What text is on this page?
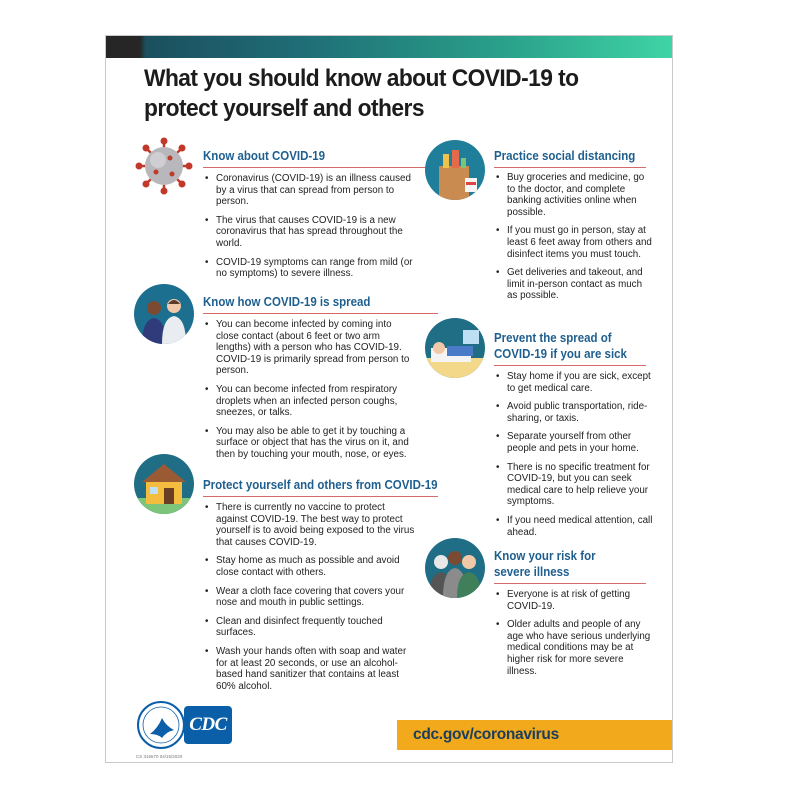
What you should know about COVID-19 to protect yourself and others
Know about COVID-19
• Coronavirus (COVID-19) is an illness caused by a virus that can spread from person to person.
• The virus that causes COVID-19 is a new coronavirus that has spread throughout the world.
• COVID-19 symptoms can range from mild (or no symptoms) to severe illness.
Know how COVID-19 is spread
• You can become infected by coming into close contact (about 6 feet or two arm lengths) with a person who has COVID-19. COVID-19 is primarily spread from person to person.
• You can become infected from respiratory droplets when an infected person coughs, sneezes, or talks.
• You may also be able to get it by touching a surface or object that has the virus on it, and then by touching your mouth, nose, or eyes.
Protect yourself and others from COVID-19
• There is currently no vaccine to protect against COVID-19. The best way to protect yourself is to avoid being exposed to the virus that causes COVID-19.
• Stay home as much as possible and avoid close contact with others.
• Wear a cloth face covering that covers your nose and mouth in public settings.
• Clean and disinfect frequently touched surfaces.
• Wash your hands often with soap and water for at least 20 seconds, or use an alcohol-based hand sanitizer that contains at least 60% alcohol.
Practice social distancing
• Buy groceries and medicine, go to the doctor, and complete banking activities online when possible.
• If you must go in person, stay at least 6 feet away from others and disinfect items you must touch.
• Get deliveries and takeout, and limit in-person contact as much as possible.
Prevent the spread of
COVID-19 if you are sick
• Stay home if you are sick, except to get medical care.
• Avoid public transportation, ride-sharing, or taxis.
• Separate yourself from other people and pets in your home.
• There is no specific treatment for COVID-19, but you can seek medical care to help relieve your symptoms.
• If you need medical attention, call ahead.
Know your risk for
severe illness
• Everyone is at risk of getting COVID-19.
• Older adults and people of any age who have serious underlying medical conditions may be at higher risk for more severe illness.
CDC	cdc.gov/coronavirus
CS 316570 04/15/2020
